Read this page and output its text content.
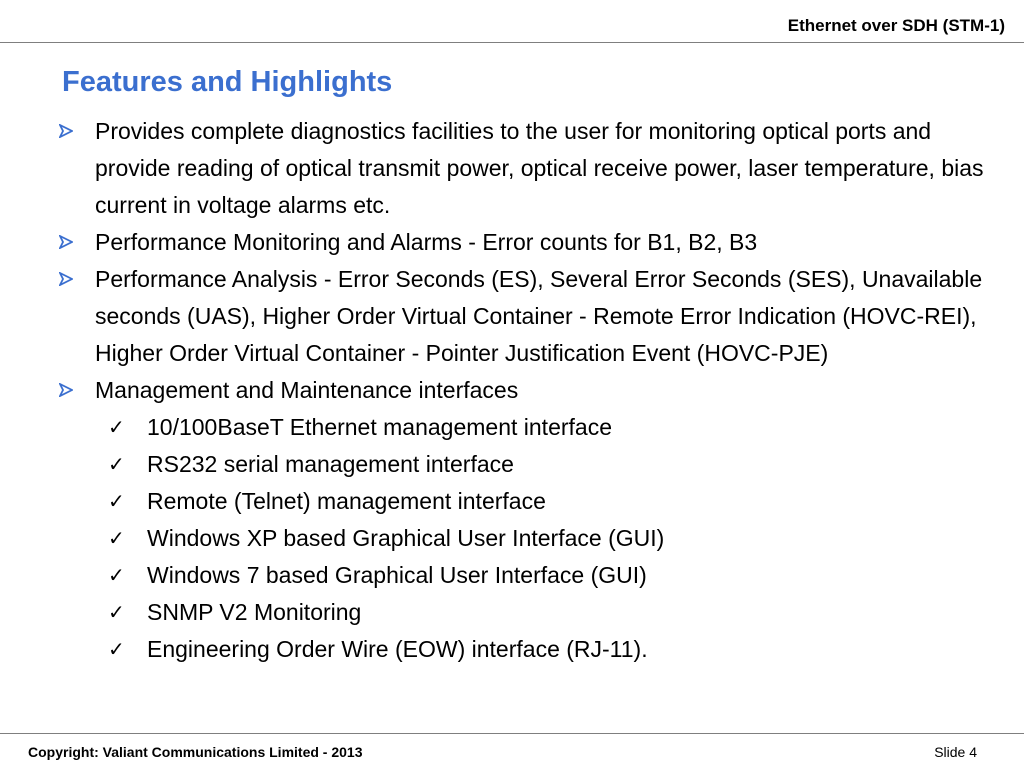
Ethernet over SDH (STM-1)
Features and Highlights
Provides complete diagnostics facilities to the user for monitoring optical ports and provide reading of optical transmit power, optical receive power, laser temperature, bias current in voltage alarms etc.
Performance Monitoring and Alarms - Error counts for B1, B2, B3
Performance Analysis - Error Seconds (ES), Several Error Seconds (SES), Unavailable seconds (UAS), Higher Order Virtual Container - Remote Error Indication (HOVC-REI), Higher Order Virtual Container - Pointer Justification Event (HOVC-PJE)
Management and Maintenance interfaces
✓ 10/100BaseT Ethernet management interface
✓ RS232 serial management interface
✓ Remote (Telnet) management interface
✓ Windows XP based Graphical User Interface (GUI)
✓ Windows 7 based Graphical User Interface (GUI)
✓ SNMP V2 Monitoring
✓ Engineering Order Wire (EOW) interface (RJ-11).
Copyright: Valiant Communications Limited - 2013	Slide 4
